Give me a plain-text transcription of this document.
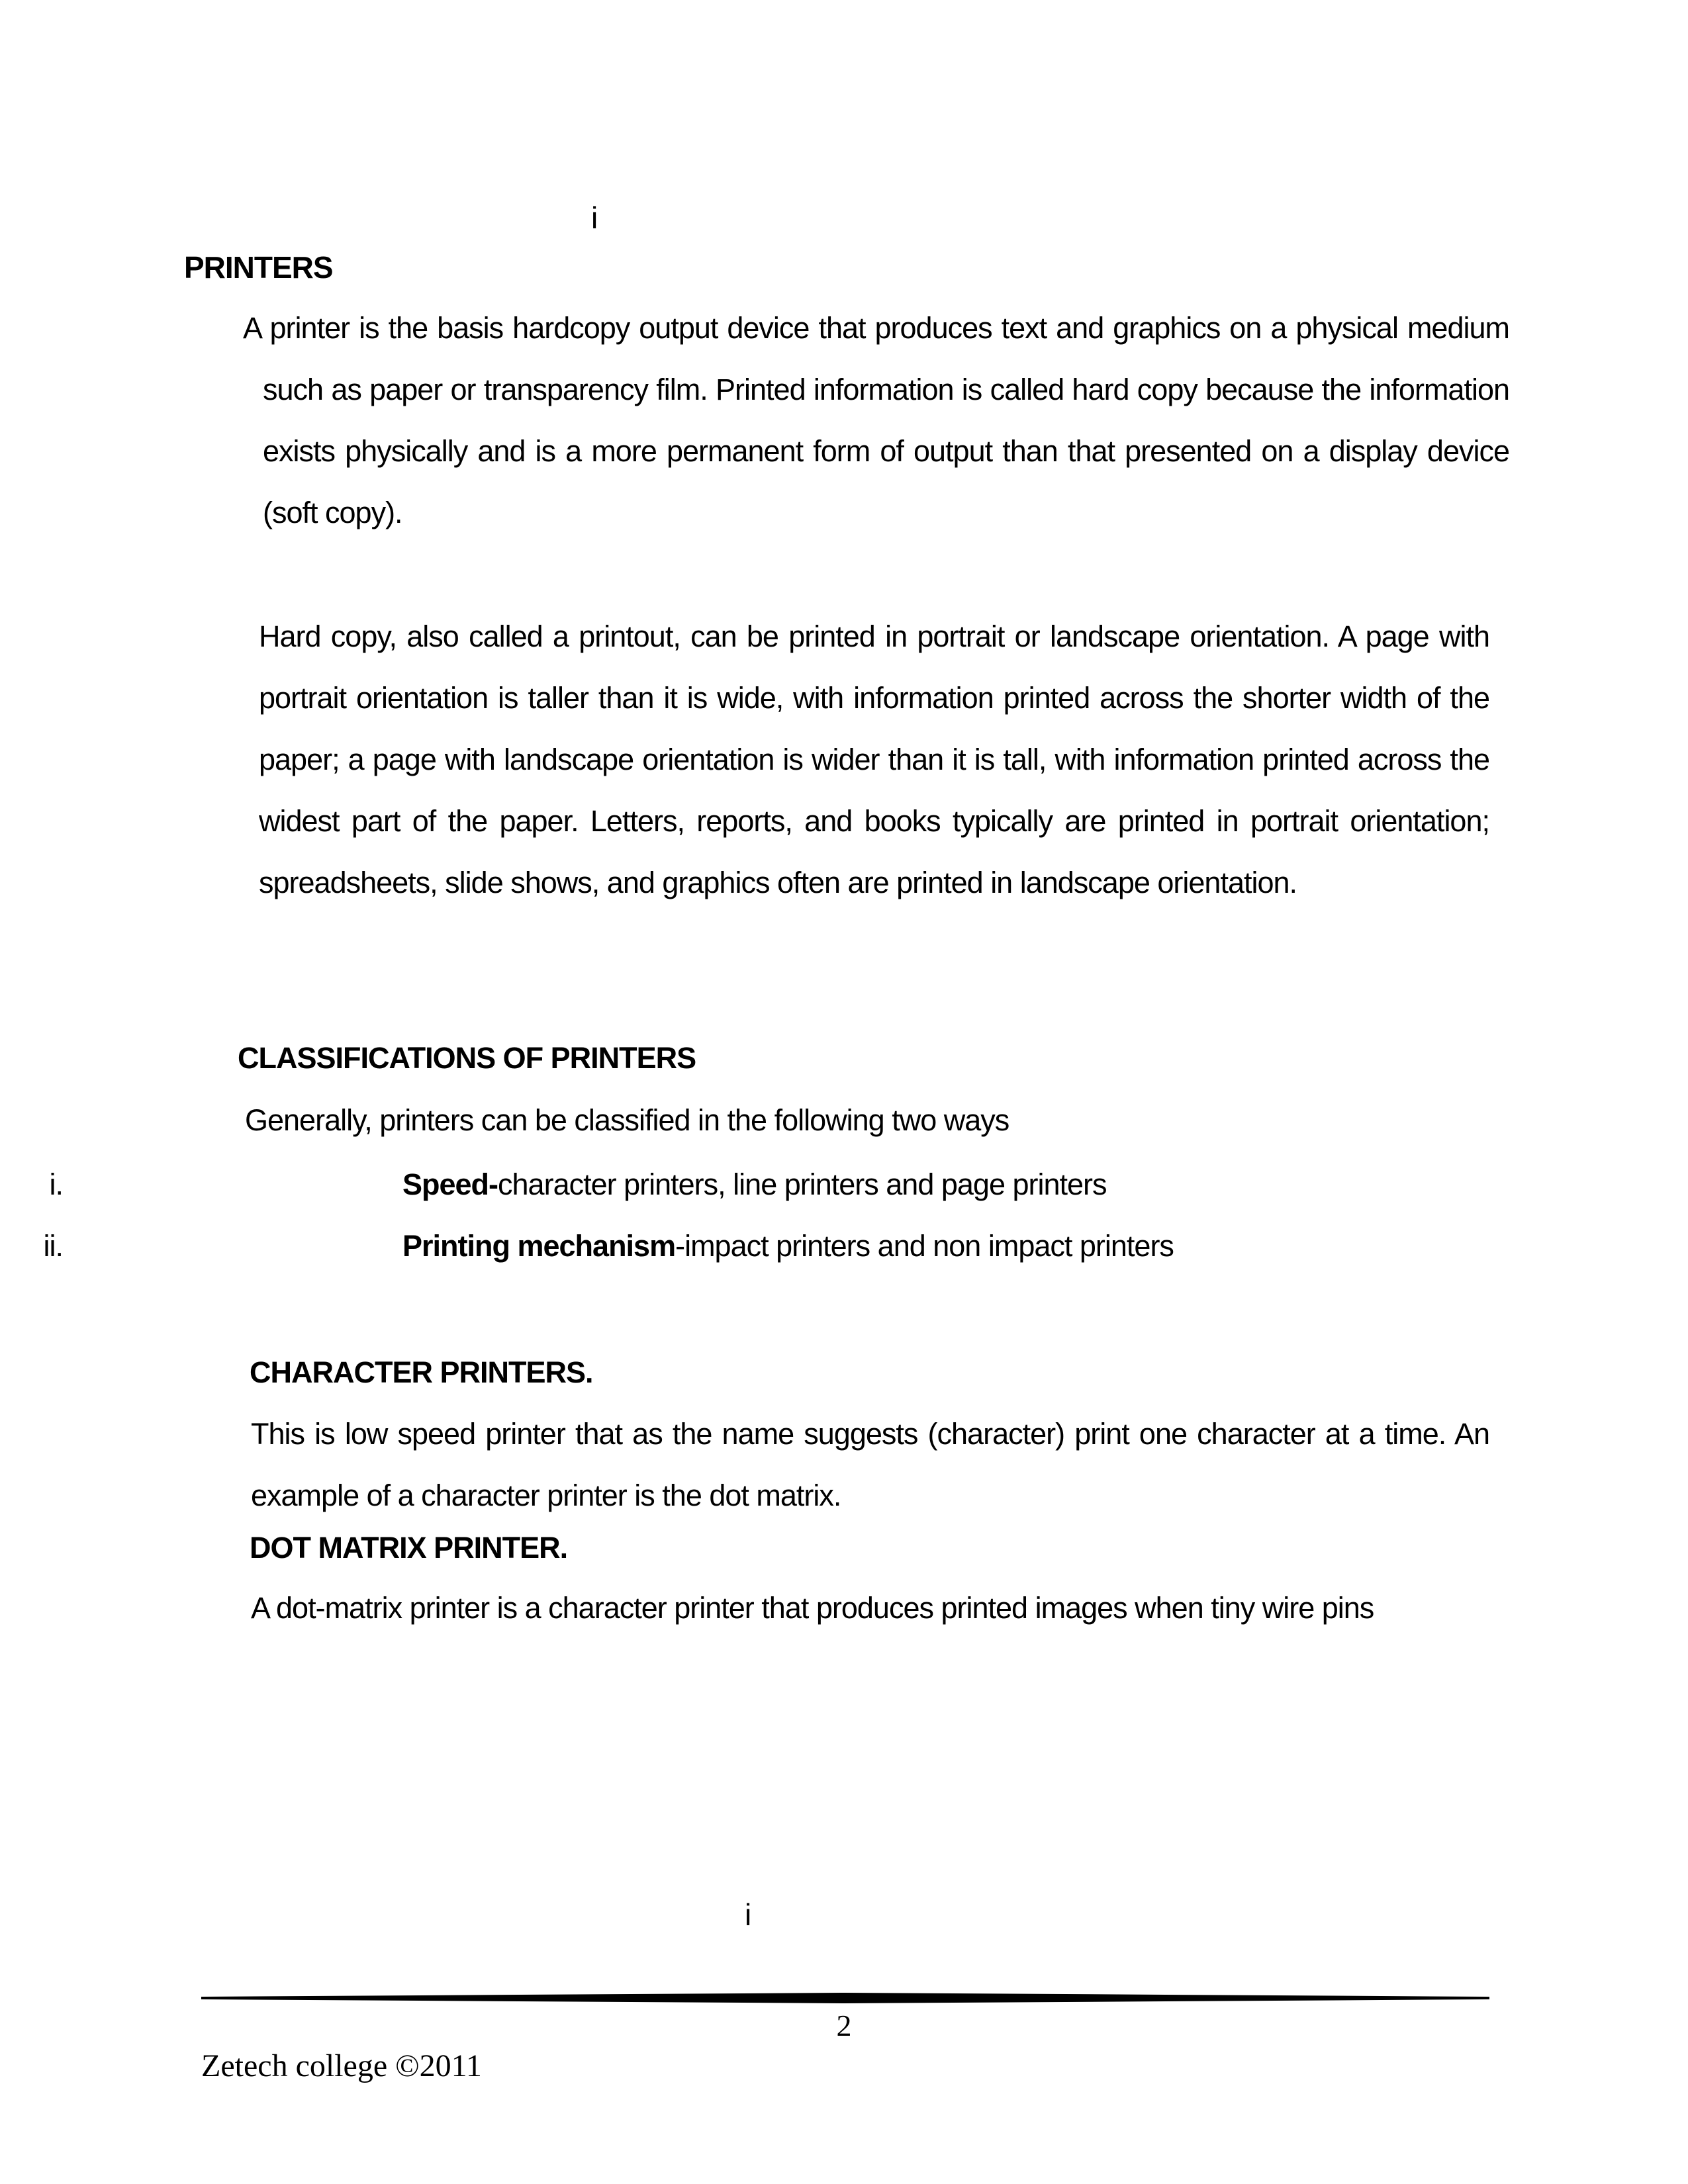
i
PRINTERS

A printer is the basis hardcopy output device that produces text and graphics on a physical medium such as paper or transparency film. Printed information is called hard copy because the information exists physically and is a more permanent form of output than that presented on a display device (soft copy).

Hard copy, also called a printout, can be printed in portrait or landscape orientation. A page with portrait orientation is taller than it is wide, with information printed across the shorter width of the paper; a page with landscape orientation is wider than it is tall, with information printed across the widest part of the paper. Letters, reports, and books typically are printed in portrait orientation; spreadsheets, slide shows, and graphics often are printed in landscape orientation.

CLASSIFICATIONS OF PRINTERS

Generally, printers can be classified in the following two ways

i.	Speed-character printers, line printers and page printers
ii.	Printing mechanism-impact printers and non impact printers
CHARACTER PRINTERS.

This is low speed printer that as the name suggests (character) print one character at a time. An example of a character printer is the dot matrix.

DOT MATRIX PRINTER.

A dot-matrix printer is a character printer that produces printed images when tiny wire pins

i
2
Zetech college ©2011
